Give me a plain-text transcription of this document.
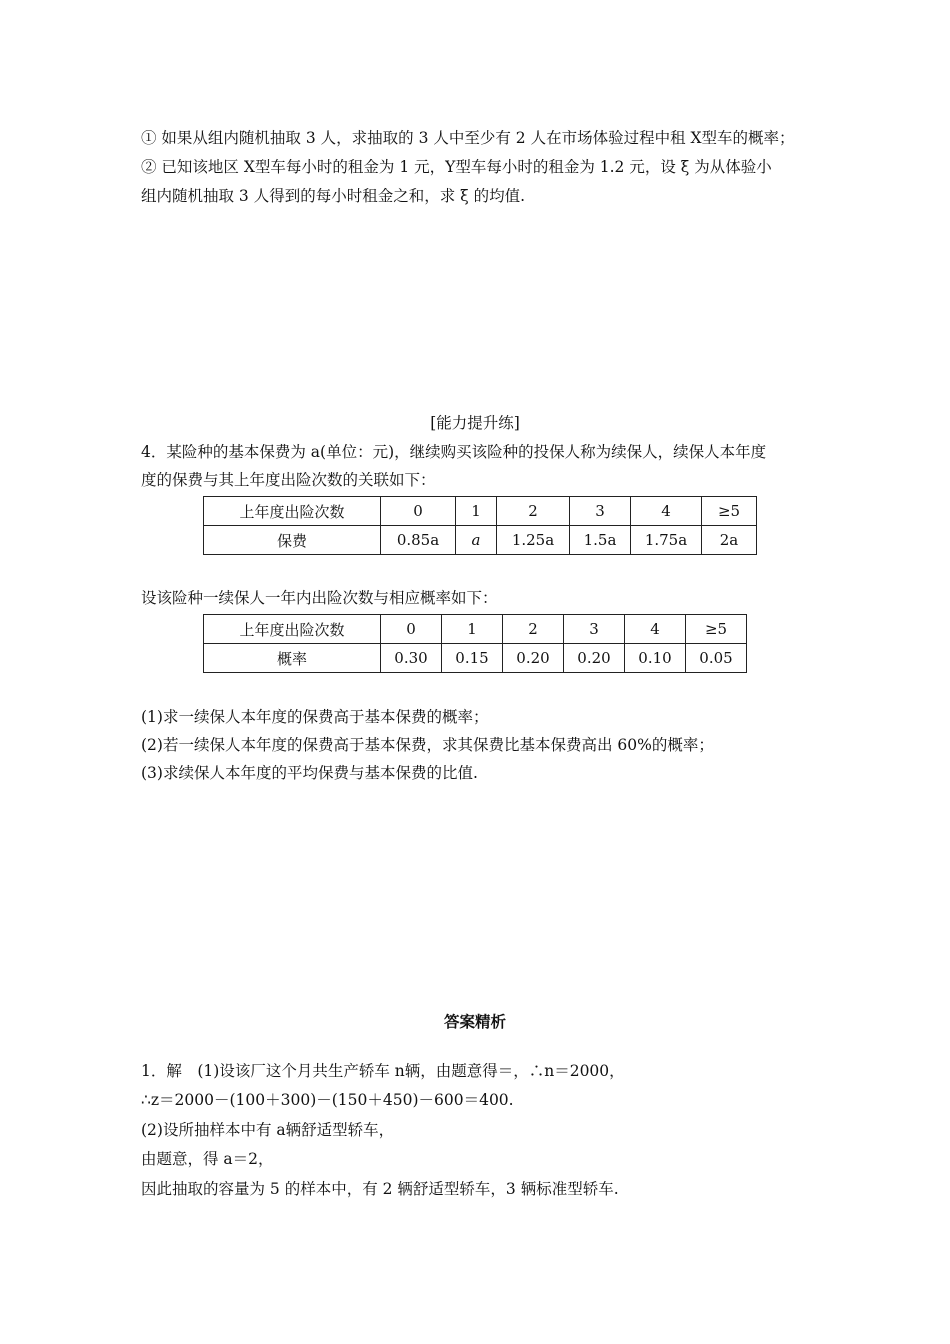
① 如果从组内随机抽取 3 人，求抽取的 3 人中至少有 2 人在市场体验过程中租 X型车的概率；
② 已知该地区 X型车每小时的租金为 1 元，Y型车每小时的租金为 1.2 元，设 ξ 为从体验小
组内随机抽取 3 人得到的每小时租金之和，求 ξ 的均值.
[能力提升练]
4．某险种的基本保费为 a(单位：元)，继续购买该险种的投保人称为续保人，续保人本年度
度的保费与其上年度出险次数的关联如下：
上年度出险次数	0	1	2	3	4	≥5
保费	0.85a	a	1.25a	1.5a	1.75a	2a
设该险种一续保人一年内出险次数与相应概率如下：
上年度出险次数	0	1	2	3	4	≥5
概率	0.30	0.15	0.20	0.20	0.10	0.05
(1)求一续保人本年度的保费高于基本保费的概率；
(2)若一续保人本年度的保费高于基本保费，求其保费比基本保费高出 60%的概率；
(3)求续保人本年度的平均保费与基本保费的比值.
答案精析
1．解　(1)设该厂这个月共生产轿车 n辆，由题意得＝，∴n＝2000，
∴z＝2000－(100＋300)－(150＋450)－600＝400.
(2)设所抽样本中有 a辆舒适型轿车，
由题意，得 a＝2，
因此抽取的容量为 5 的样本中，有 2 辆舒适型轿车，3 辆标准型轿车.
